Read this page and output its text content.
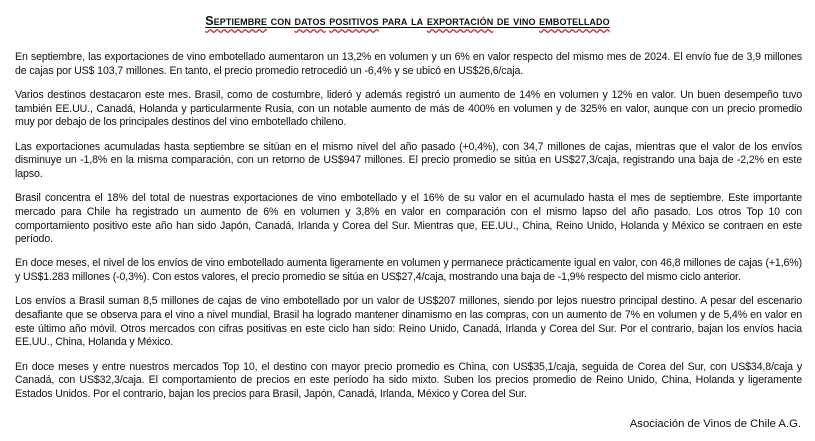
Septiembre con datos positivos para la exportación de vino embotellado

En septiembre, las exportaciones de vino embotellado aumentaron un 13,2% en volumen y un 6% en valor respecto del mismo mes de 2024. El envío fue de 3,9 millones de cajas por US$ 103,7 millones. En tanto, el precio promedio retrocedió un -6,4% y se ubicó en US$26,6/caja.

Varios destinos destacaron este mes. Brasil, como de costumbre, lideró y además registró un aumento de 14% en volumen y 12% en valor. Un buen desempeño tuvo también EE.UU., Canadá, Holanda y particularmente Rusia, con un notable aumento de más de 400% en volumen y de 325% en valor, aunque con un precio promedio muy por debajo de los principales destinos del vino embotellado chileno.

Las exportaciones acumuladas hasta septiembre se sitúan en el mismo nivel del año pasado (+0,4%), con 34,7 millones de cajas, mientras que el valor de los envíos disminuye un -1,8% en la misma comparación, con un retorno de US$947 millones. El precio promedio se sitúa en US$27,3/caja, registrando una baja de -2,2% en este lapso.

Brasil concentra el 18% del total de nuestras exportaciones de vino embotellado y el 16% de su valor en el acumulado hasta el mes de septiembre. Este importante mercado para Chile ha registrado un aumento de 6% en volumen y 3,8% en valor en comparación con el mismo lapso del año pasado. Los otros Top 10 con comportamiento positivo este año han sido Japón, Canadá, Irlanda y Corea del Sur. Mientras que, EE.UU., China, Reino Unido, Holanda y México se contraen en este período.

En doce meses, el nivel de los envíos de vino embotellado aumenta ligeramente en volumen y permanece prácticamente igual en valor, con 46,8 millones de cajas (+1,6%) y US$1.283 millones (-0,3%). Con estos valores, el precio promedio se sitúa en US$27,4/caja, mostrando una baja de -1,9% respecto del mismo ciclo anterior.

Los envíos a Brasil suman 8,5 millones de cajas de vino embotellado por un valor de US$207 millones, siendo por lejos nuestro principal destino. A pesar del escenario desafiante que se observa para el vino a nivel mundial, Brasil ha logrado mantener dinamismo en las compras, con un aumento de 7% en volumen y de 5,4% en valor en este último año móvil. Otros mercados con cifras positivas en este ciclo han sido: Reino Unido, Canadá, Irlanda y Corea del Sur. Por el contrario, bajan los envíos hacia EE.UU., China, Holanda y México.

En doce meses y entre nuestros mercados Top 10, el destino con mayor precio promedio es China, con US$35,1/caja, seguida de Corea del Sur, con US$34,8/caja y Canadá, con US$32,3/caja. El comportamiento de precios en este período ha sido mixto. Suben los precios promedio de Reino Unido, China, Holanda y ligeramente Estados Unidos. Por el contrario, bajan los precios para Brasil, Japón, Canadá, Irlanda, México y Corea del Sur.

Asociación de Vinos de Chile A.G.
